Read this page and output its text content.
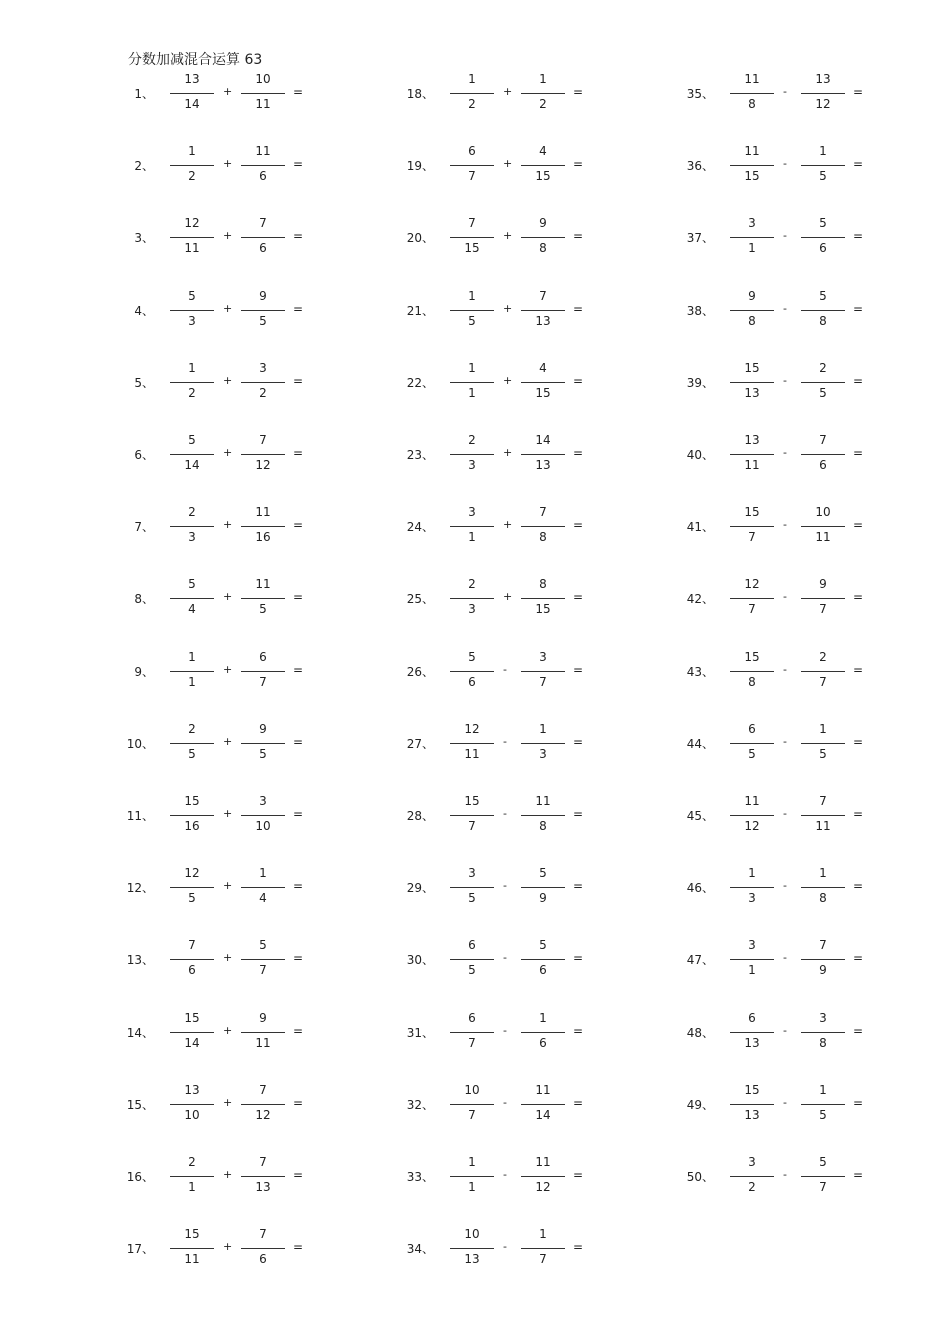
分数加减混合运算 63
1、
13
14
+
10
11
=
2、
1
2
+
11
6
=
3、
12
11
+
7
6
=
4、
5
3
+
9
5
=
5、
1
2
+
3
2
=
6、
5
14
+
7
12
=
7、
2
3
+
11
16
=
8、
5
4
+
11
5
=
9、
1
1
+
6
7
=
10、
2
5
+
9
5
=
11、
15
16
+
3
10
=
12、
12
5
+
1
4
=
13、
7
6
+
5
7
=
14、
15
14
+
9
11
=
15、
13
10
+
7
12
=
16、
2
1
+
7
13
=
17、
15
11
+
7
6
=
18、
1
2
+
1
2
=
19、
6
7
+
4
15
=
20、
7
15
+
9
8
=
21、
1
5
+
7
13
=
22、
1
1
+
4
15
=
23、
2
3
+
14
13
=
24、
3
1
+
7
8
=
25、
2
3
+
8
15
=
26、
5
6
-
3
7
=
27、
12
11
-
1
3
=
28、
15
7
-
11
8
=
29、
3
5
-
5
9
=
30、
6
5
-
5
6
=
31、
6
7
-
1
6
=
32、
10
7
-
11
14
=
33、
1
1
-
11
12
=
34、
10
13
-
1
7
=
35、
11
8
-
13
12
=
36、
11
15
-
1
5
=
37、
3
1
-
5
6
=
38、
9
8
-
5
8
=
39、
15
13
-
2
5
=
40、
13
11
-
7
6
=
41、
15
7
-
10
11
=
42、
12
7
-
9
7
=
43、
15
8
-
2
7
=
44、
6
5
-
1
5
=
45、
11
12
-
7
11
=
46、
1
3
-
1
8
=
47、
3
1
-
7
9
=
48、
6
13
-
3
8
=
49、
15
13
-
1
5
=
50、
3
2
-
5
7
=
